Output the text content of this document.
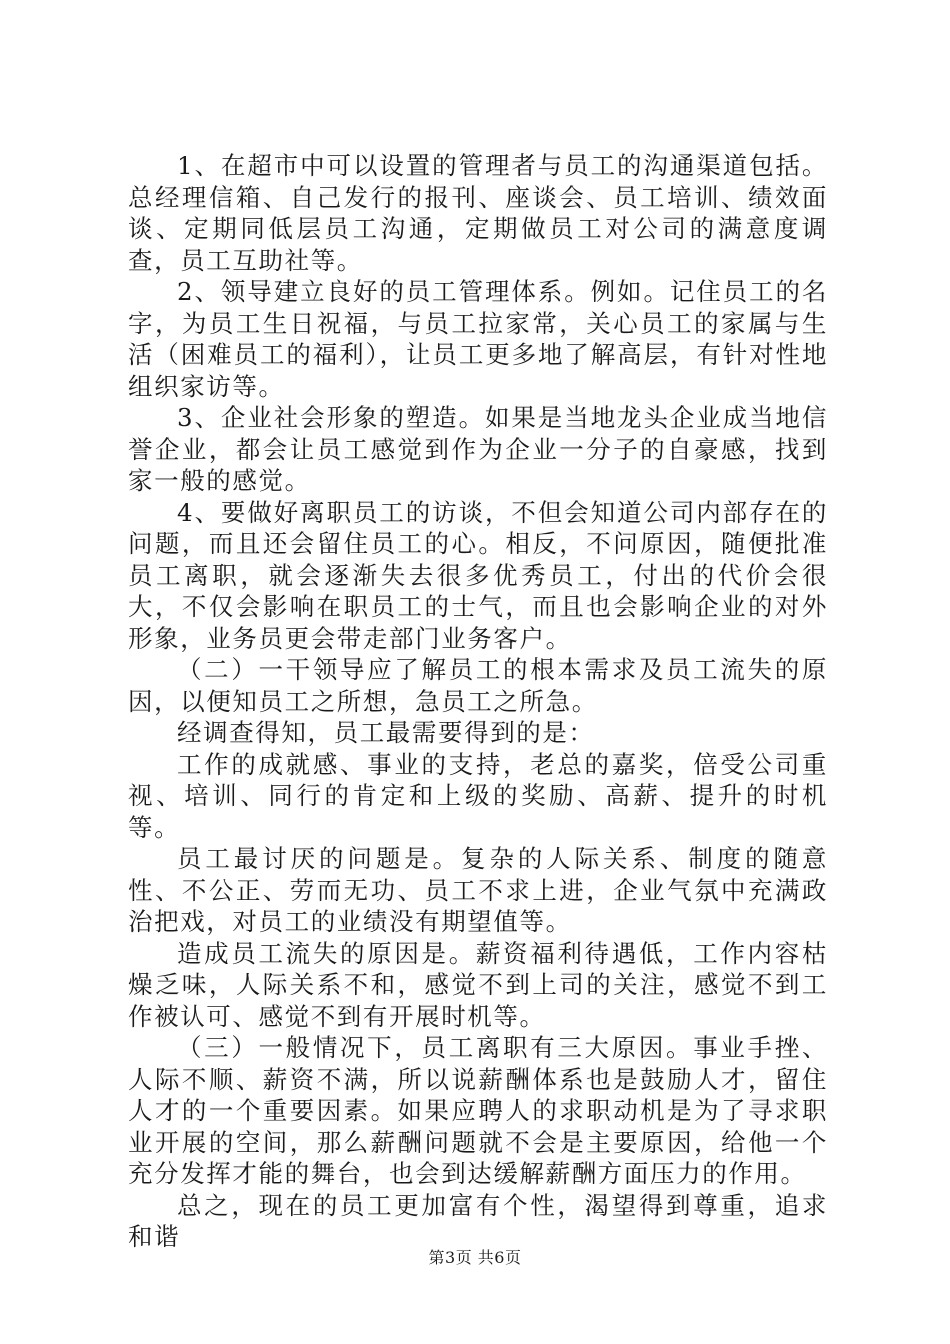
1、在超市中可以设置的管理者与员工的沟通渠道包括。总经理信箱、自己发行的报刊、座谈会、员工培训、绩效面谈、定期同低层员工沟通，定期做员工对公司的满意度调查，员工互助社等。

2、领导建立良好的员工管理体系。例如。记住员工的名字，为员工生日祝福，与员工拉家常，关心员工的家属与生活（困难员工的福利），让员工更多地了解高层，有针对性地组织家访等。

3、企业社会形象的塑造。如果是当地龙头企业成当地信誉企业，都会让员工感觉到作为企业一分子的自豪感，找到家一般的感觉。

4、要做好离职员工的访谈，不但会知道公司内部存在的问题，而且还会留住员工的心。相反，不问原因，随便批准员工离职，就会逐渐失去很多优秀员工，付出的代价会很大，不仅会影响在职员工的士气，而且也会影响企业的对外形象，业务员更会带走部门业务客户。

（二）一干领导应了解员工的根本需求及员工流失的原因，以便知员工之所想，急员工之所急。

经调查得知，员工最需要得到的是：

工作的成就感、事业的支持，老总的嘉奖，倍受公司重视、培训、同行的肯定和上级的奖励、高薪、提升的时机等。

员工最讨厌的问题是。复杂的人际关系、制度的随意性、不公正、劳而无功、员工不求上进，企业气氛中充满政治把戏，对员工的业绩没有期望值等。

造成员工流失的原因是。薪资福利待遇低，工作内容枯燥乏味，人际关系不和，感觉不到上司的关注，感觉不到工作被认可、感觉不到有开展时机等。

（三）一般情况下，员工离职有三大原因。事业手挫、人际不顺、薪资不满，所以说薪酬体系也是鼓励人才，留住人才的一个重要因素。如果应聘人的求职动机是为了寻求职业开展的空间，那么薪酬问题就不会是主要原因，给他一个充分发挥才能的舞台，也会到达缓解薪酬方面压力的作用。

总之，现在的员工更加富有个性，渴望得到尊重，追求和谐

第3页 共6页
